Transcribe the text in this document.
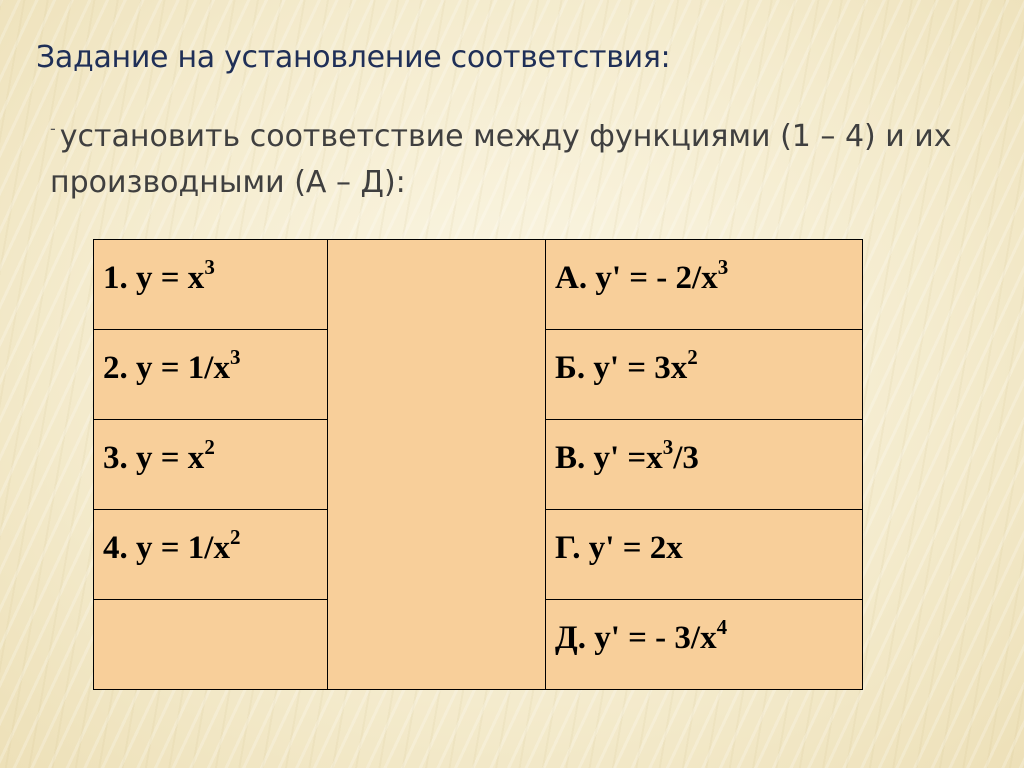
Задание на установление соответствия:

- установить соответствие между функциями (1 – 4) и их производными (А – Д):

1. $y = x^3$		А. y' = - $2/x^3$

2. $y = 1/x^3$		Б. $y' = 3x^2$

3. $y = x^2$		В. $y' =x^3/3$

4. $y = 1/x^2$		Г. y' = 2x

		Д. y' = - $3/x^4$
